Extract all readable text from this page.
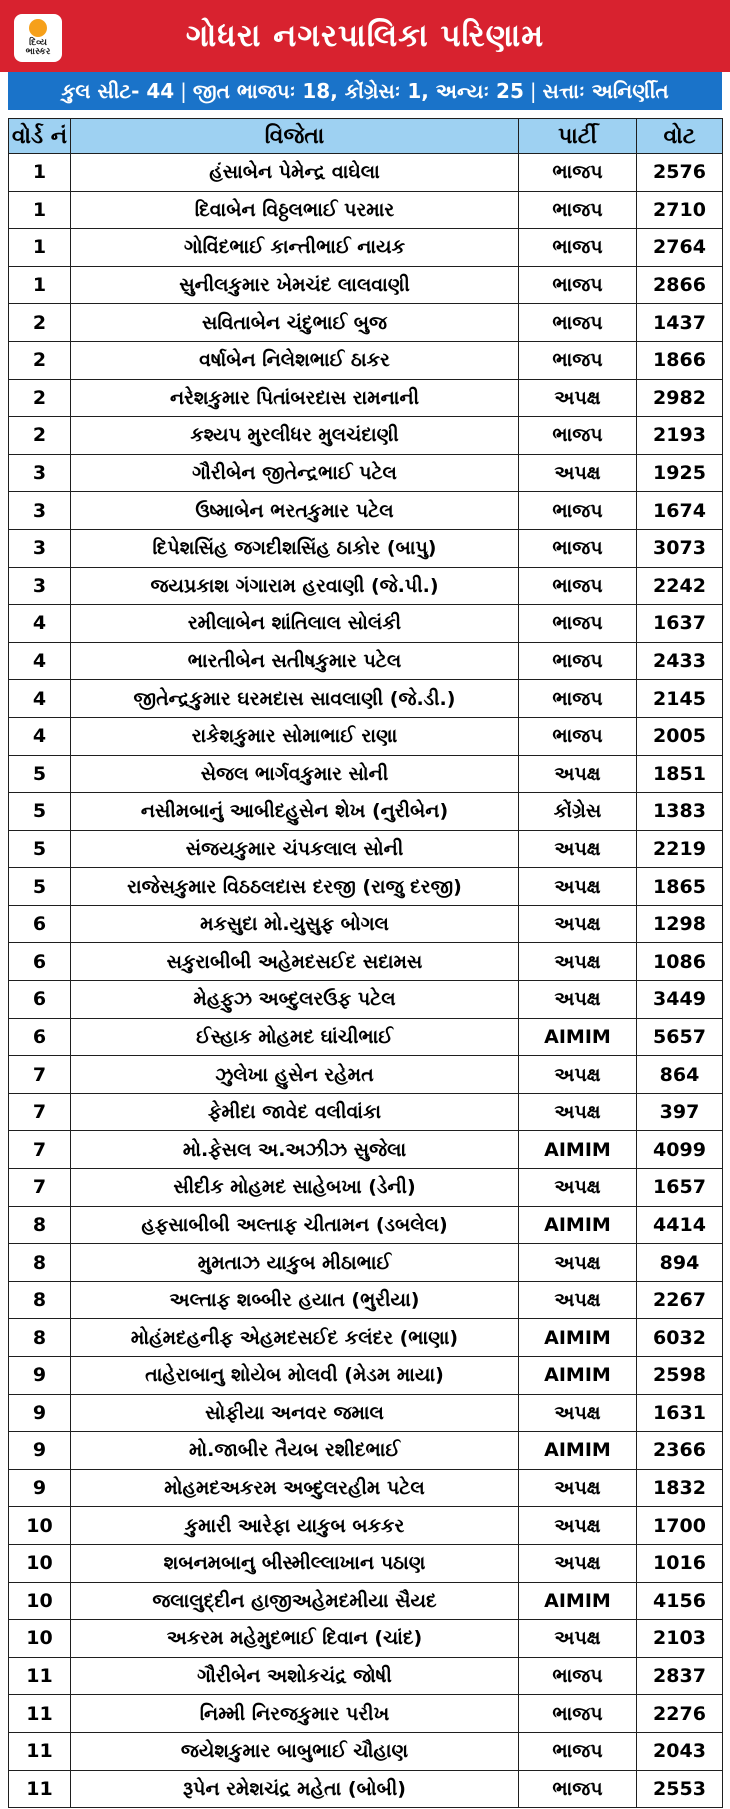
દિવ્ય
ભાસ્કર	ગોધરા નગરપાલિકા પરિણામ
કુલ સીટ- 44 | જીત ભાજપઃ 18, કોંગ્રેસઃ 1, અન્યઃ 25 | સત્તાઃ અનિર્ણીત
વોર્ડ નં	વિજેતા	પાર્ટી	વોટ
1	હંસાબેન પેમેન્દ્ર વાઘેલા	ભાજપ	2576
1	દિવાબેન વિઠ્ઠલભાઈ પરમાર	ભાજપ	2710
1	ગોવિંદભાઈ કાન્તીભાઈ નાયક	ભાજપ	2764
1	સુનીલકુમાર ખેમચંદ લાલવાણી	ભાજપ	2866
2	સવિતાબેન ચંદુભાઈ બુજ	ભાજપ	1437
2	વર્ષાબેન નિલેશભાઈ ઠાકર	ભાજપ	1866
2	નરેશકુમાર પિતાંબરદાસ રામનાની	અપક્ષ	2982
2	કશ્યપ મુરલીધર મુલચંદાણી	ભાજપ	2193
3	ગૌરીબેન જીતેન્દ્રભાઈ પટેલ	અપક્ષ	1925
3	ઉષ્માબેન ભરતકુમાર પટેલ	ભાજપ	1674
3	દિપેશસિંહ જગદીશસિંહ ઠાકોર (બાપુ)	ભાજપ	3073
3	જયપ્રકાશ ગંગારામ હરવાણી (જે.પી.)	ભાજપ	2242
4	રમીલાબેન શાંતિલાલ સોલંકી	ભાજપ	1637
4	ભારતીબેન સતીષકુમાર પટેલ	ભાજપ	2433
4	જીતેન્દ્રકુમાર ઘરમદાસ સાવલાણી (જે.ડી.)	ભાજપ	2145
4	રાકેશકુમાર સોમાભાઈ રાણા	ભાજપ	2005
5	સેજલ ભાર્ગવકુમાર સોની	અપક્ષ	1851
5	નસીમબાનું આબીદહુસેન શેખ (નુરીબેન)	કોંગ્રેસ	1383
5	સંજયકુમાર ચંપકલાલ સોની	અપક્ષ	2219
5	રાજેસકુમાર વિઠઠલદાસ દરજી (રાજુ દરજી)	અપક્ષ	1865
6	મકસુદા મો.યુસુફ બોગલ	અપક્ષ	1298
6	સકુરાબીબી અહેમદસઈદ સદામસ	અપક્ષ	1086
6	મેહફુઝ અબ્દુલરઉફ પટેલ	અપક્ષ	3449
6	ઈસ્હાક મોહમદ ઘાંચીભાઈ	AIMIM	5657
7	ઝુલેખા હુસેન રહેમત	અપક્ષ	864
7	ફેમીદા જાવેદ વલીવાંકા	અપક્ષ	397
7	મો.ફેસલ અ.અઝીઝ સુજેલા	AIMIM	4099
7	સીદીક મોહમદ સાહેબખા (ડેની)	અપક્ષ	1657
8	હફસાબીબી અલ્તાફ ચીતામન (ડબલેલ)	AIMIM	4414
8	મુમતાઝ યાકુબ મીઠાભાઈ	અપક્ષ	894
8	અલ્તાફ શબ્બીર હયાત (ભુરીયા)	અપક્ષ	2267
8	મોહંમદહનીફ એહમદસઈદ કલંદર (ભાણા)	AIMIM	6032
9	તાહેરાબાનુ શોયેબ મોલવી (મેડમ માયા)	AIMIM	2598
9	સોફીયા અનવર જમાલ	અપક્ષ	1631
9	મો.જાબીર તૈયબ રશીદભાઈ	AIMIM	2366
9	મોહમદઅકરમ અબ્દુલરહીમ પટેલ	અપક્ષ	1832
10	કુમારી આરેફા યાકુબ બકકર	અપક્ષ	1700
10	શબનમબાનુ બીસ્મીલ્લાખાન પઠાણ	અપક્ષ	1016
10	જલાલુદ્દીન હાજીઅહેમદમીયા સૈયદ	AIMIM	4156
10	અકરમ મહેમુદભાઈ દિવાન (ચાંદ)	અપક્ષ	2103
11	ગૌરીબેન અશોકચંદ્ર જોષી	ભાજપ	2837
11	નિમ્મી નિરજકુમાર પરીખ	ભાજપ	2276
11	જયેશકુમાર બાબુભાઈ ચૌહાણ	ભાજપ	2043
11	રૂપેન રમેશચંદ્ર મહેતા (બોબી)	ભાજપ	2553
